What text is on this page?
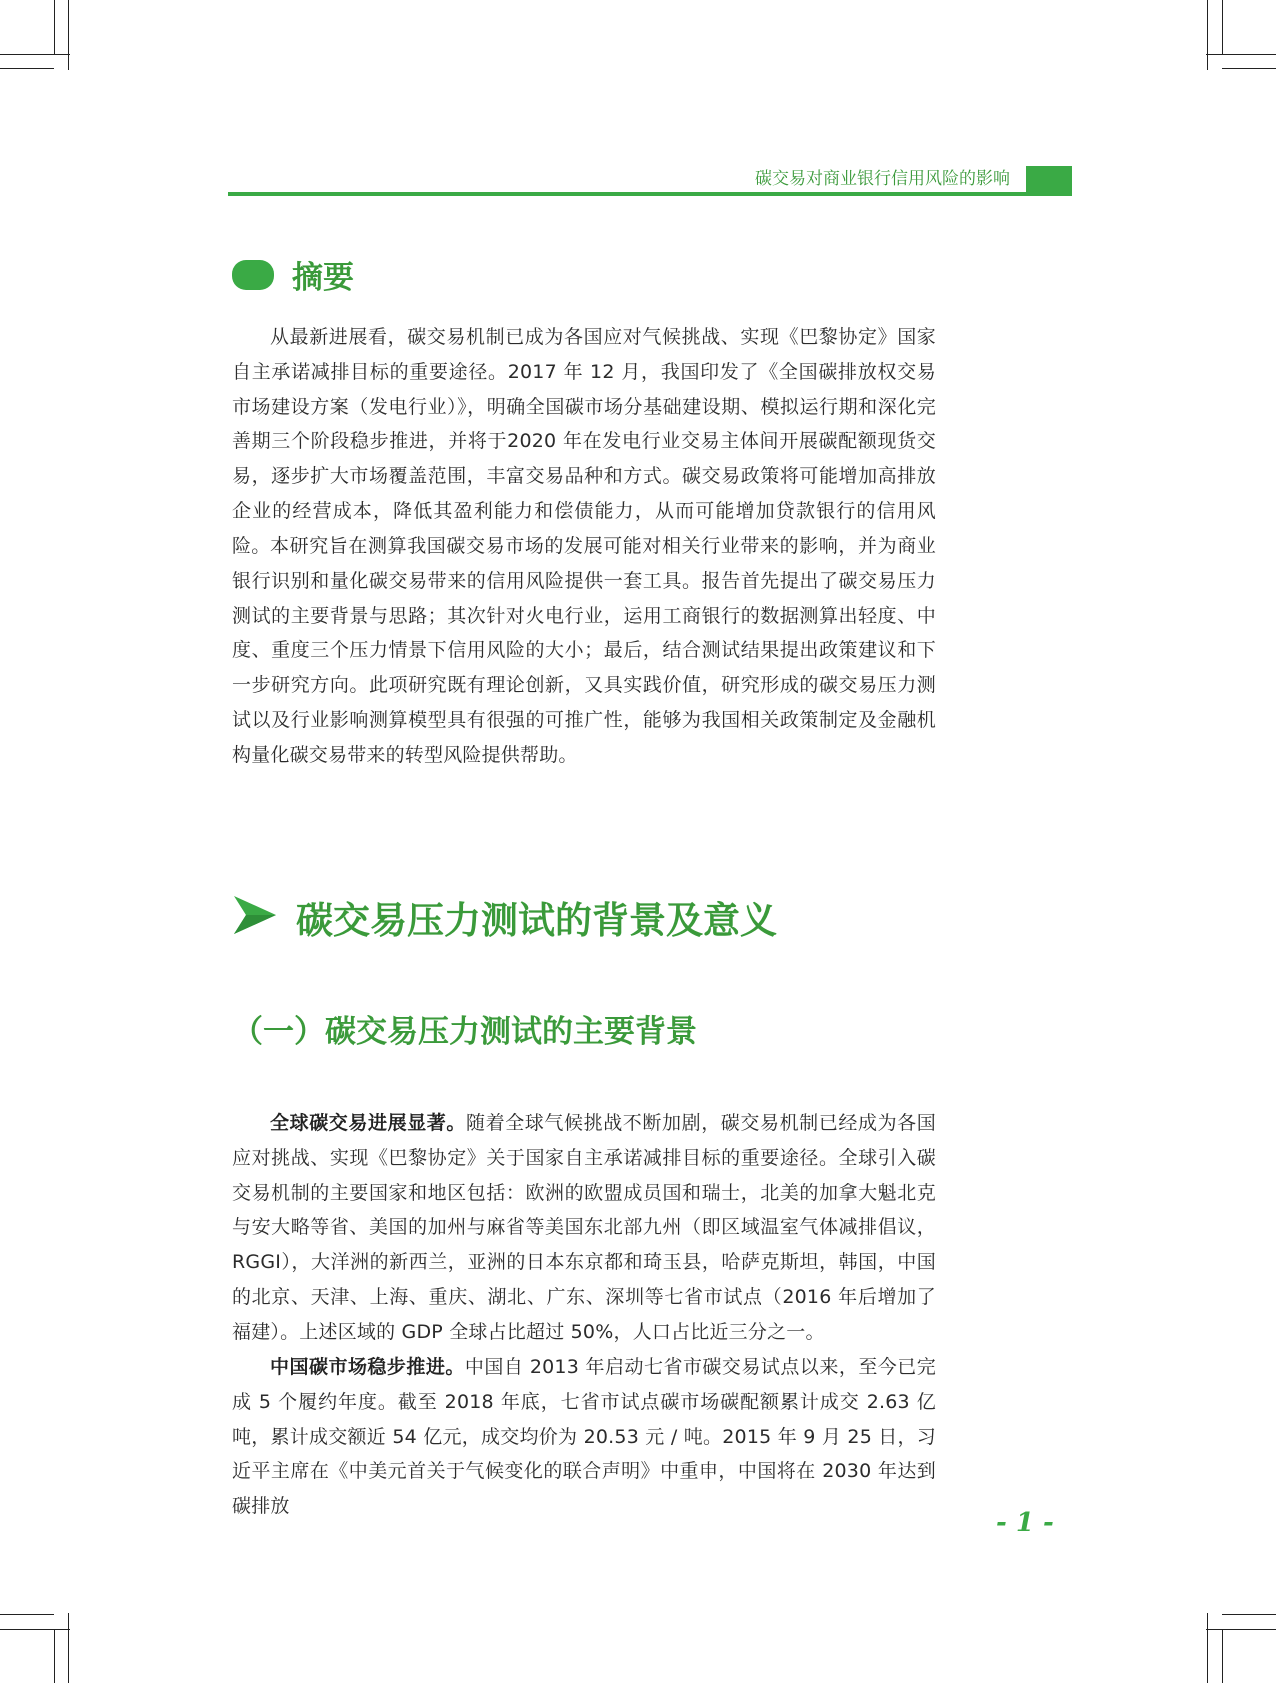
碳交易对商业银行信用风险的影响
摘要

从最新进展看，碳交易机制已成为各国应对气候挑战、实现《巴黎协定》国家自主承诺减排目标的重要途径。2017 年 12 月，我国印发了《全国碳排放权交易市场建设方案（发电行业）》，明确全国碳市场分基础建设期、模拟运行期和深化完善期三个阶段稳步推进，并将于2020 年在发电行业交易主体间开展碳配额现货交易，逐步扩大市场覆盖范围，丰富交易品种和方式。碳交易政策将可能增加高排放企业的经营成本，降低其盈利能力和偿债能力，从而可能增加贷款银行的信用风险。 本研究旨在测算我国碳交易市场的发展可能对相关行业带来的影响，并为商业银行识别和量化碳交易带来的信用风险提供一套工具。报告首先提出了碳交易压力测试的主要背景与思路；其次针对火电行业，运用工商银行的数据测算出轻度、中度、重度三个压力情景下信用风险的大小；最后，结合测试结果提出政策建议和下一步研究方向。此项研究既有理论创新，又具实践价值，研究形成的碳交易压力测试以及行业影响测算模型具有很强的可推广性，能够为我国相关政策制定及金融机构量化碳交易带来的转型风险提供帮助。

碳交易压力测试的背景及意义
（一）碳交易压力测试的主要背景

全球碳交易进展显著。随着全球气候挑战不断加剧，碳交易机制已经成为各国应对挑战、实现《巴黎协定》关于国家自主承诺减排目标的重要途径。全球引入碳交易机制的主要国家和地区包括：欧洲的欧盟成员国和瑞士，北美的加拿大魁北克与安大略等省、美国的加州与麻省等美国东北部九州（即区域温室气体减排倡议，RGGI），大洋洲的新西兰，亚洲的日本东京都和琦玉县，哈萨克斯坦，韩国，中国的北京、天津、上海、重庆、湖北、广东、深圳等七省市试点（2016 年后增加了福建）。上述区域的 GDP 全球占比超过 50%，人口占比近三分之一。

中国碳市场稳步推进。中国自 2013 年启动七省市碳交易试点以来，至今已完成 5 个履约年度。截至 2018 年底，七省市试点碳市场碳配额累计成交 2.63 亿吨，累计成交额近 54 亿元，成交均价为 20.53 元 / 吨。2015 年 9 月 25 日，习近平主席在《中美元首关于气候变化的联合声明》中重申，中国将在 2030 年达到碳排放

- 1 -
